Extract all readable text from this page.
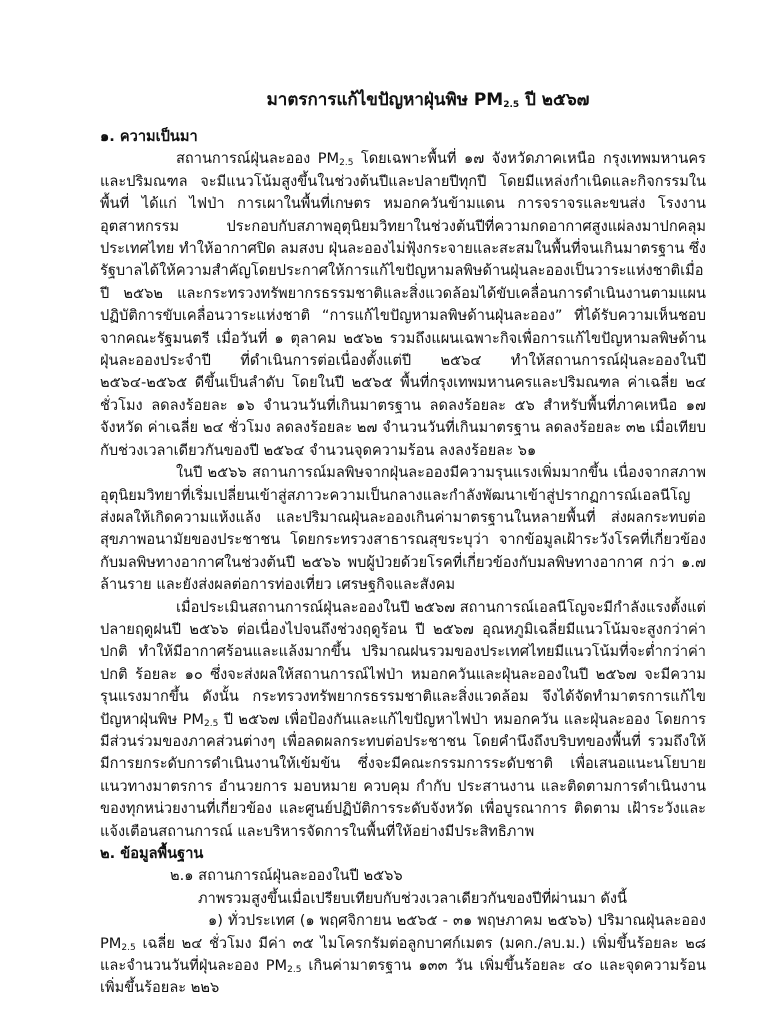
มาตรการแก้ไขปัญหาฝุ่นพิษ $PM_{2.5}$ ปี ๒๕๖๗
๑. ความเป็นมา

สถานการณ์ฝุ่นละออง $PM_{2.5}$ โดยเฉพาะพื้นที่ ๑๗ จังหวัดภาคเหนือ กรุงเทพมหานครและปริมณฑล จะมีแนวโน้มสูงขึ้นในช่วงต้นปีและปลายปีทุกปี โดยมีแหล่งกำเนิดและกิจกรรมในพื้นที่ ได้แก่ ไฟป่า การเผาในพื้นที่เกษตร หมอกควันข้ามแดน การจราจรและขนส่ง โรงงานอุตสาหกรรม ประกอบกับสภาพอุตุนิยมวิทยาในช่วงต้นปีที่ความกดอากาศสูงแผ่ลงมาปกคลุมประเทศไทย ทำให้อากาศปิด ลมสงบ ฝุ่นละอองไม่ฟุ้งกระจายและสะสมในพื้นที่จนเกินมาตรฐาน ซึ่งรัฐบาลได้ให้ความสำคัญโดยประกาศให้การแก้ไขปัญหามลพิษด้านฝุ่นละอองเป็นวาระแห่งชาติเมื่อปี ๒๕๖๒ และกระทรวงทรัพยากรธรรมชาติและสิ่งแวดล้อมได้ขับเคลื่อนการดำเนินงานตามแผนปฏิบัติการขับเคลื่อนวาระแห่งชาติ “การแก้ไขปัญหามลพิษด้านฝุ่นละออง” ที่ได้รับความเห็นชอบจากคณะรัฐมนตรี เมื่อวันที่ ๑ ตุลาคม ๒๕๖๒ รวมถึงแผนเฉพาะกิจเพื่อการแก้ไขปัญหามลพิษด้านฝุ่นละอองประจำปี ที่ดำเนินการต่อเนื่องตั้งแต่ปี ๒๕๖๔ ทำให้สถานการณ์ฝุ่นละอองในปี ๒๕๖๔-๒๕๖๕ ดีขึ้นเป็นลำดับ โดยในปี ๒๕๖๕ พื้นที่กรุงเทพมหานครและปริมณฑล ค่าเฉลี่ย ๒๔ ชั่วโมง ลดลงร้อยละ ๑๖ จำนวนวันที่เกินมาตรฐาน ลดลงร้อยละ ๕๖ สำหรับพื้นที่ภาคเหนือ ๑๗ จังหวัด ค่าเฉลี่ย ๒๔ ชั่วโมง ลดลงร้อยละ ๒๗ จำนวนวันที่เกินมาตรฐาน ลดลงร้อยละ ๓๒ เมื่อเทียบกับช่วงเวลาเดียวกันของปี ๒๕๖๔ จำนวนจุดความร้อน ลงลงร้อยละ ๖๑

ในปี ๒๕๖๖ สถานการณ์มลพิษจากฝุ่นละอองมีความรุนแรงเพิ่มมากขึ้น เนื่องจากสภาพอุตุนิยมวิทยาที่เริ่มเปลี่ยนเข้าสู่สภาวะความเป็นกลางและกำลังพัฒนาเข้าสู่ปรากฏการณ์เอลนีโญ ส่งผลให้เกิดความแห้งแล้ง และปริมาณฝุ่นละอองเกินค่ามาตรฐานในหลายพื้นที่ ส่งผลกระทบต่อสุขภาพอนามัยของประชาชน โดยกระทรวงสาธารณสุขระบุว่า จากข้อมูลเฝ้าระวังโรคที่เกี่ยวข้องกับมลพิษทางอากาศในช่วงต้นปี ๒๕๖๖ พบผู้ป่วยด้วยโรคที่เกี่ยวข้องกับมลพิษทางอากาศ กว่า ๑.๗ ล้านราย และยังส่งผลต่อการท่องเที่ยว เศรษฐกิจและสังคม

เมื่อประเมินสถานการณ์ฝุ่นละอองในปี ๒๕๖๗ สถานการณ์เอลนีโญจะมีกำลังแรงตั้งแต่ปลายฤดูฝนปี ๒๕๖๖ ต่อเนื่องไปจนถึงช่วงฤดูร้อน ปี ๒๕๖๗ อุณหภูมิเฉลี่ยมีแนวโน้มจะสูงกว่าค่าปกติ ทำให้มีอากาศร้อนและแล้งมากขึ้น ปริมาณฝนรวมของประเทศไทยมีแนวโน้มที่จะต่ำกว่าค่าปกติ ร้อยละ ๑๐ ซึ่งจะส่งผลให้สถานการณ์ไฟป่า หมอกควันและฝุ่นละอองในปี ๒๕๖๗ จะมีความรุนแรงมากขึ้น ดังนั้น กระทรวงทรัพยากรธรรมชาติและสิ่งแวดล้อม จึงได้จัดทำมาตรการแก้ไขปัญหาฝุ่นพิษ $PM_{2.5}$ ปี ๒๕๖๗ เพื่อป้องกันและแก้ไขปัญหาไฟป่า หมอกควัน และฝุ่นละออง โดยการมีส่วนร่วมของภาคส่วนต่างๆ เพื่อลดผลกระทบต่อประชาชน โดยคำนึงถึงบริบทของพื้นที่ รวมถึงให้มีการยกระดับการดำเนินงานให้เข้มข้น ซึ่งจะมีคณะกรรมการระดับชาติ เพื่อเสนอแนะนโยบาย แนวทางมาตรการ อำนวยการ มอบหมาย ควบคุม กำกับ ประสานงาน และติดตามการดำเนินงานของทุกหน่วยงานที่เกี่ยวข้อง และศูนย์ปฏิบัติการระดับจังหวัด เพื่อบูรณาการ ติดตาม เฝ้าระวังและแจ้งเตือนสถานการณ์ และบริหารจัดการในพื้นที่ให้อย่างมีประสิทธิภาพ

๒. ข้อมูลพื้นฐาน
๒.๑ สถานการณ์ฝุ่นละอองในปี ๒๕๖๖
ภาพรวมสูงขึ้นเมื่อเปรียบเทียบกับช่วงเวลาเดียวกันของปีที่ผ่านมา ดังนี้

๑) ทั่วประเทศ (๑ พฤศจิกายน ๒๕๖๕ - ๓๑ พฤษภาคม ๒๕๖๖) ปริมาณฝุ่นละออง $PM_{2.5}$ เฉลี่ย ๒๔ ชั่วโมง มีค่า ๓๕ ไมโครกรัมต่อลูกบาศก์เมตร (มคก./ลบ.ม.) เพิ่มขึ้นร้อยละ ๒๘ และจำนวนวันที่ฝุ่นละออง $PM_{2.5}$ เกินค่ามาตรฐาน ๑๓๓ วัน เพิ่มขึ้นร้อยละ ๔๐ และจุดความร้อนเพิ่มขึ้นร้อยละ ๒๒๖
